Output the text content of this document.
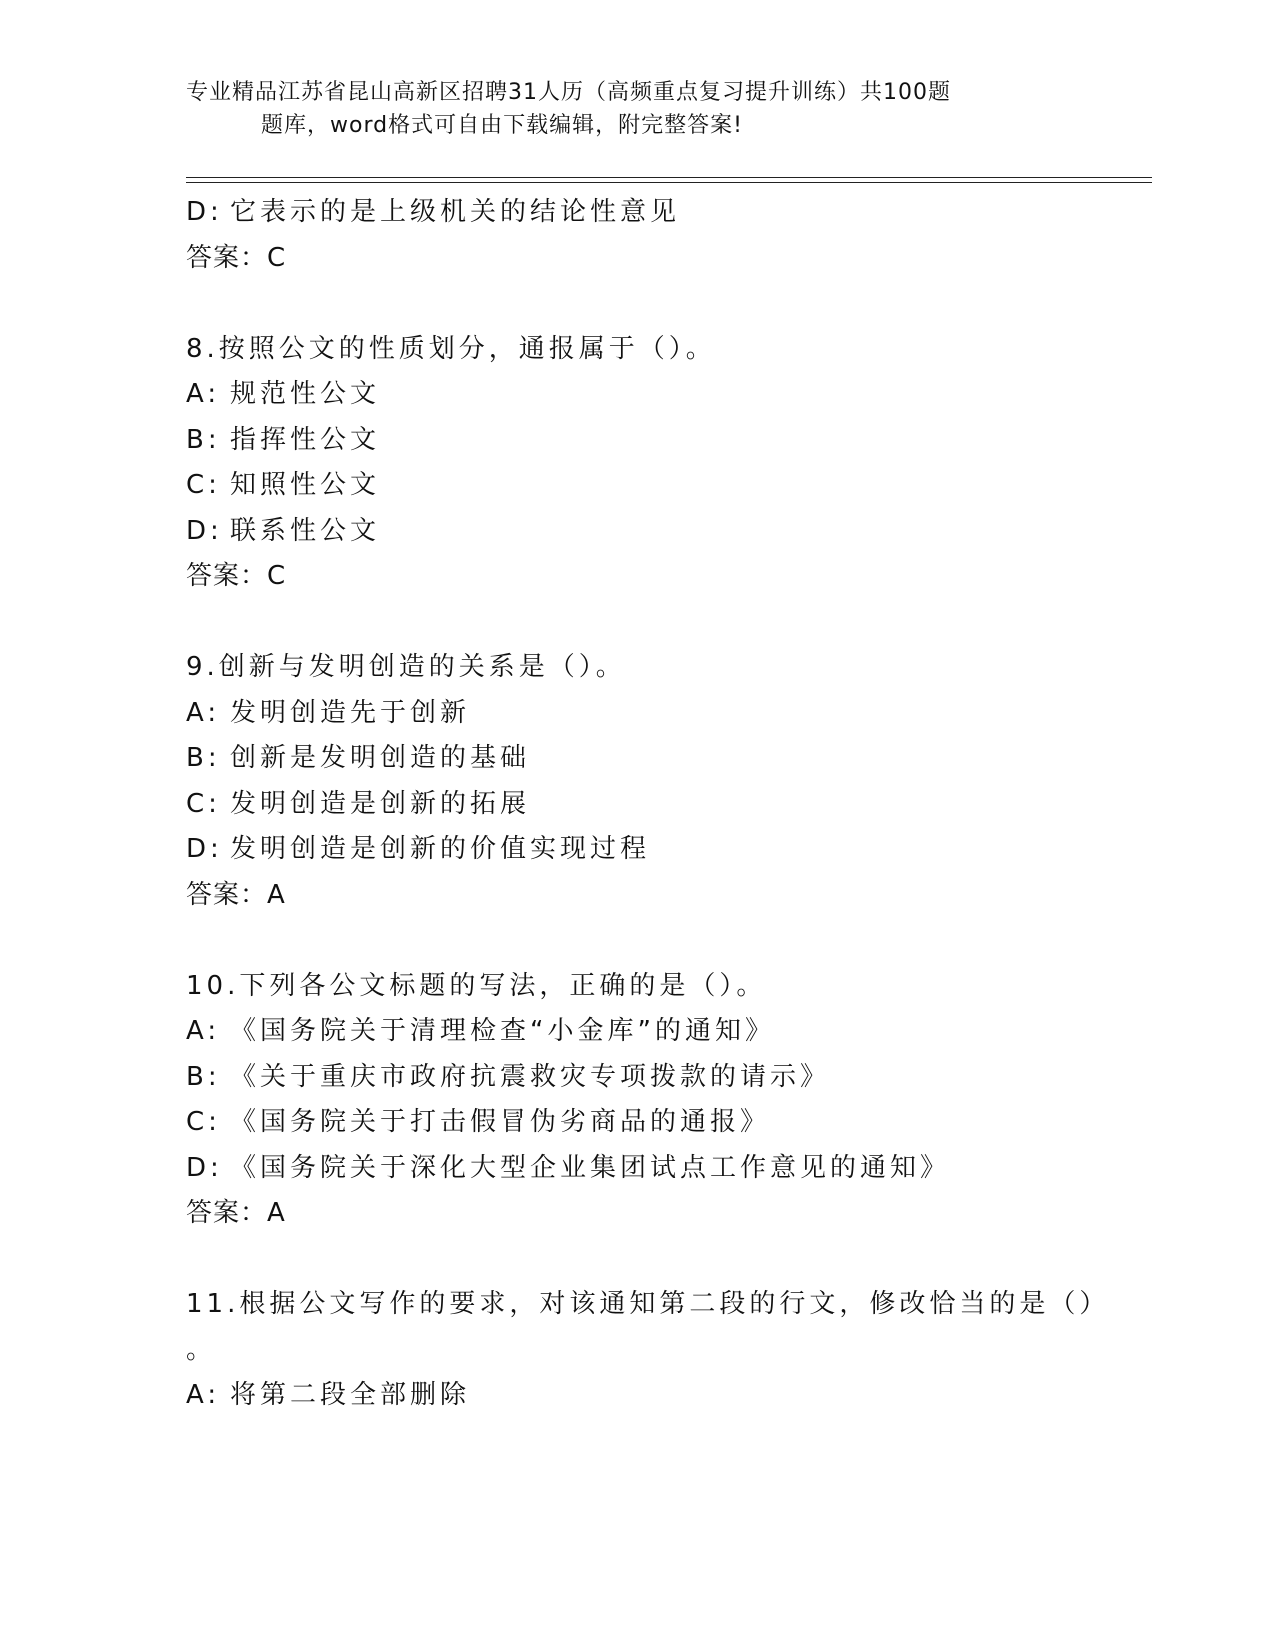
专业精品江苏省昆山高新区招聘31人历（高频重点复习提升训练）共100题
题库，word格式可自由下载编辑，附完整答案!
D: 它表示的是上级机关的结论性意见
答案：C
8.按照公文的性质划分，通报属于（）。
A: 规范性公文
B: 指挥性公文
C: 知照性公文
D: 联系性公文
答案：C
9.创新与发明创造的关系是（）。
A: 发明创造先于创新
B: 创新是发明创造的基础
C: 发明创造是创新的拓展
D: 发明创造是创新的价值实现过程
答案：A
10.下列各公文标题的写法，正确的是（）。
A: 《国务院关于清理检查“小金库”的通知》
B: 《关于重庆市政府抗震救灾专项拨款的请示》
C: 《国务院关于打击假冒伪劣商品的通报》
D: 《国务院关于深化大型企业集团试点工作意见的通知》
答案：A
11.根据公文写作的要求，对该通知第二段的行文，修改恰当的是（）
。
A: 将第二段全部删除
